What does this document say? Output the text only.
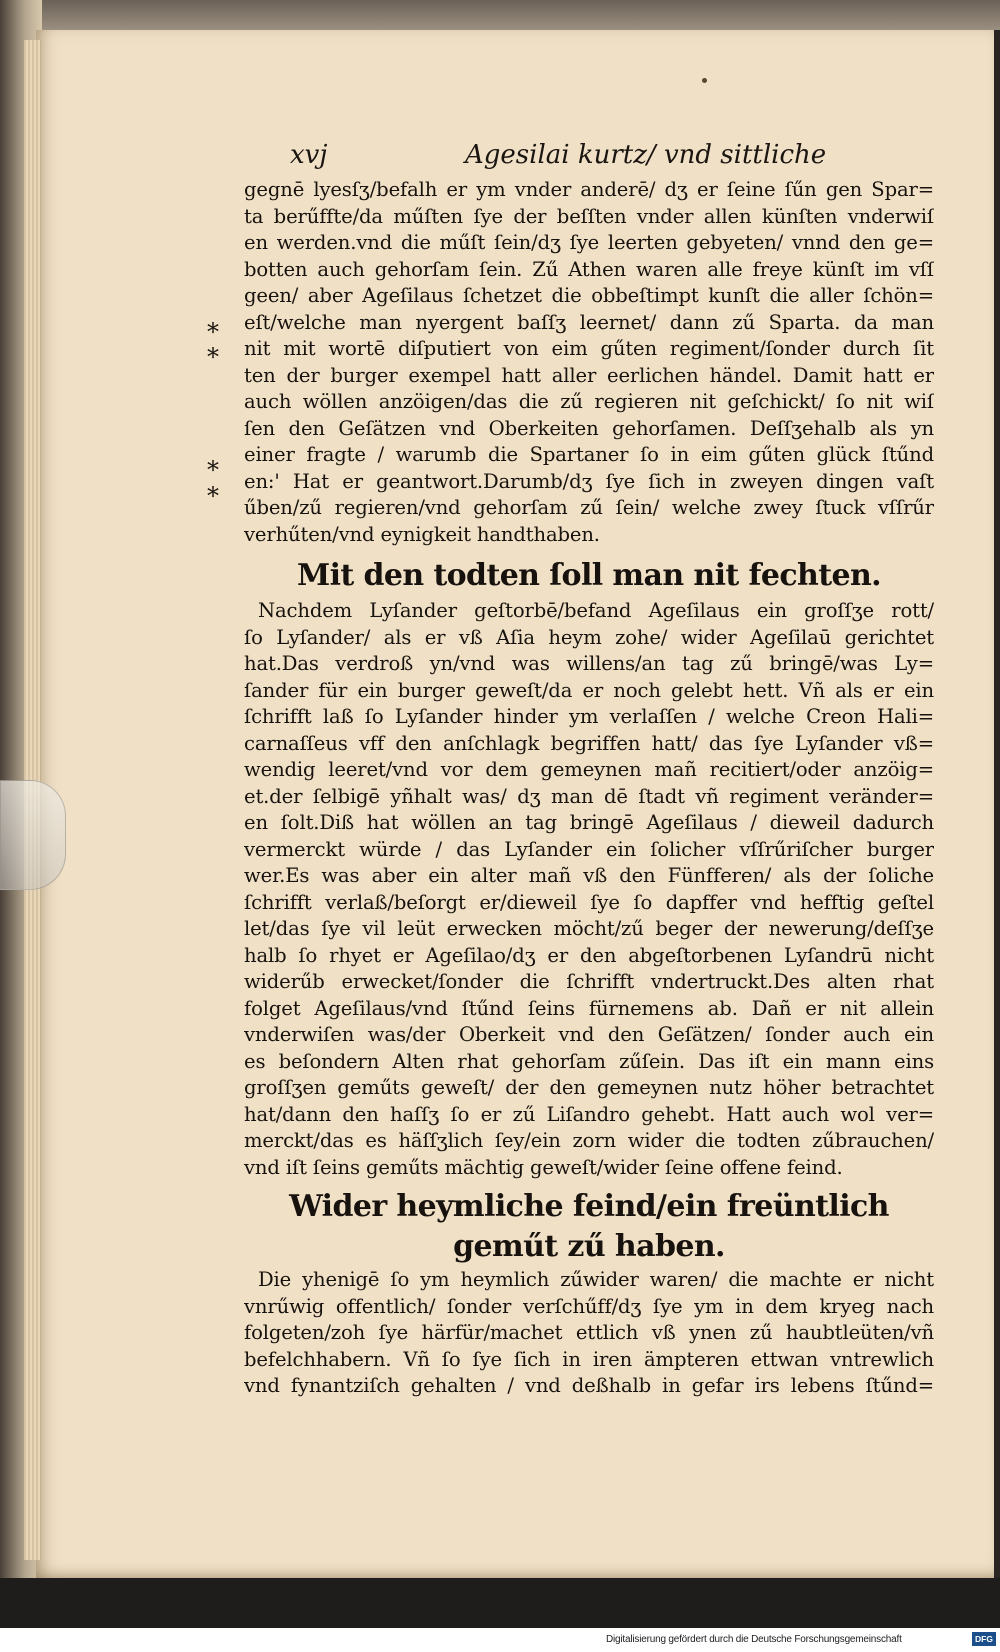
xvj	Agesilai kurtz/ vnd sittliche
*
*
*
*
gegnē lyesſʒ/befalh er ym vnder anderē/ dʒ er ſeine ſűn gen Spar=
ta berűffte/da műſten ſye der beſſten vnder allen künſten vnderwiſ
en werden.vnd die műſt ſein/dʒ ſye leerten gebyeten/ vnnd den ge=
botten auch gehorſam ſein. Zű Athen waren alle freye künſt im vſſ
geen/ aber Ageſilaus ſchetzet die obbeſtimpt kunſt die aller ſchön=
eſt/welche man nyergent baſſʒ leernet/ dann zű Sparta. da man
nit mit wortē diſputiert von eim gűten regiment/ſonder durch ſit
ten der burger exempel hatt aller eerlichen händel. Damit hatt er
auch wöllen anzöigen/das die zű regieren nit geſchickt/ ſo nit wiſ
ſen den Geſätzen vnd Oberkeiten gehorſamen. Deſſʒehalb als yn
einer fragte / warumb die Spartaner ſo in eim gűten glück ſtűnd
en:' Hat er geantwort.Darumb/dʒ ſye ſich in zweyen dingen vaſt
űben/zű regieren/vnd gehorſam zű ſein/ welche zwey ſtuck vſſrűr
verhűten/vnd eynigkeit handthaben.
Mit den todten ſoll man nit fechten.
Nachdem Lyſander geſtorbē/befand Ageſilaus ein groſſʒe rott/
ſo Lyſander/ als er vß Aſia heym zohe/ wider Ageſilaū gerichtet
hat.Das verdroß yn/vnd was willens/an tag zű bringē/was Ly=
ſander für ein burger geweſt/da er noch gelebt hett. Vñ als er ein
ſchrifft laß ſo Lyſander hinder ym verlaſſen / welche Creon Hali=
carnaſſeus vff den anſchlagk begriffen hatt/ das ſye Lyſander vß=
wendig leeret/vnd vor dem gemeynen mañ recitiert/oder anzöig=
et.der ſelbigē yñhalt was/ dʒ man dē ſtadt vñ regiment veränder=
en ſolt.Diß hat wöllen an tag bringē Ageſilaus / dieweil dadurch
vermerckt würde / das Lyſander ein ſolicher vſſrűriſcher burger
wer.Es was aber ein alter mañ vß den Fünfferen/ als der ſoliche
ſchrifft verlaß/beſorgt er/dieweil ſye ſo dapffer vnd hefftig geſtel
let/das ſye vil leüt erwecken möcht/zű beger der newerung/deſſʒe
halb ſo rhyet er Ageſilao/dʒ er den abgeſtorbenen Lyſandrū nicht
widerűb erwecket/ſonder die ſchrifft vndertruckt.Des alten rhat
folget Ageſilaus/vnd ſtűnd ſeins fürnemens ab. Dañ er nit allein
vnderwiſen was/der Oberkeit vnd den Geſätzen/ ſonder auch ein
es beſondern Alten rhat gehorſam zűſein. Das iſt ein mann eins
groſſʒen geműts geweſt/ der den gemeynen nutz höher betrachtet
hat/dann den haſſʒ ſo er zű Liſandro gehebt. Hatt auch wol ver=
merckt/das es häſſʒlich ſey/ein zorn wider die todten zűbrauchen/
vnd iſt ſeins geműts mächtig geweſt/wider ſeine offene feind.
Wider heymliche feind/ein freüntlich
geműt zű haben.
Die yhenigē ſo ym heymlich zűwider waren/ die machte er nicht
vnrűwig offentlich/ ſonder verſchűff/dʒ ſye ym in dem kryeg nach
folgeten/zoh ſye härfür/machet ettlich vß ynen zű haubtleüten/vñ
befelchhabern. Vñ ſo ſye ſich in iren ämpteren ettwan vntrewlich
vnd fynantziſch gehalten / vnd deßhalb in gefar irs lebens ſtűnd=
Digitalisierung gefördert durch die Deutsche Forschungsgemeinschaft	DFG
